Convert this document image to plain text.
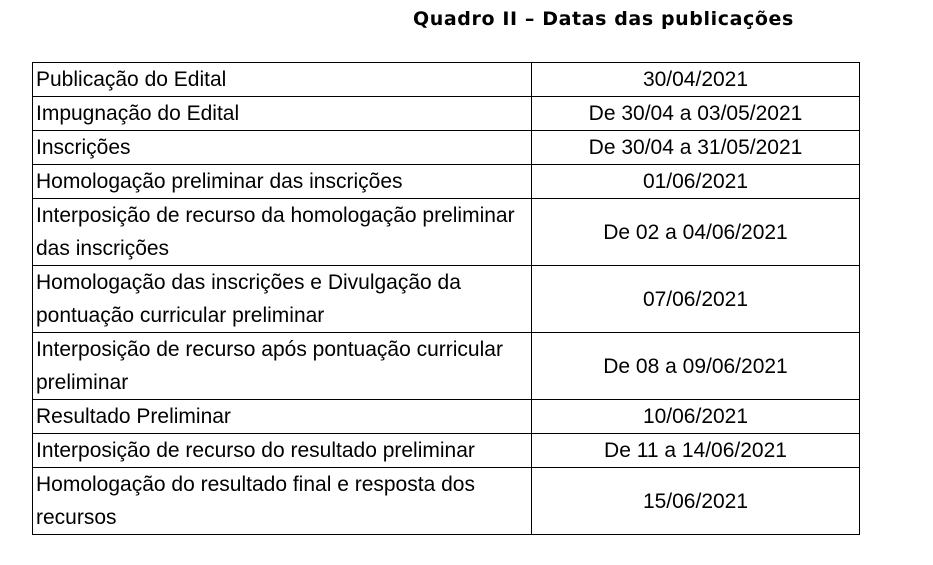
Quadro II – Datas das publicações
Publicação do Edital	30/04/2021
Impugnação do Edital	De 30/04 a 03/05/2021
Inscrições	De 30/04 a 31/05/2021
Homologação preliminar das inscrições	01/06/2021
Interposição de recurso da homologação preliminar das inscrições	De 02 a 04/06/2021
Homologação das inscrições e Divulgação da pontuação curricular preliminar	07/06/2021
Interposição de recurso após pontuação curricular preliminar	De 08 a 09/06/2021
Resultado Preliminar	10/06/2021
Interposição de recurso do resultado preliminar	De 11 a 14/06/2021
Homologação do resultado final e resposta dos recursos	15/06/2021
